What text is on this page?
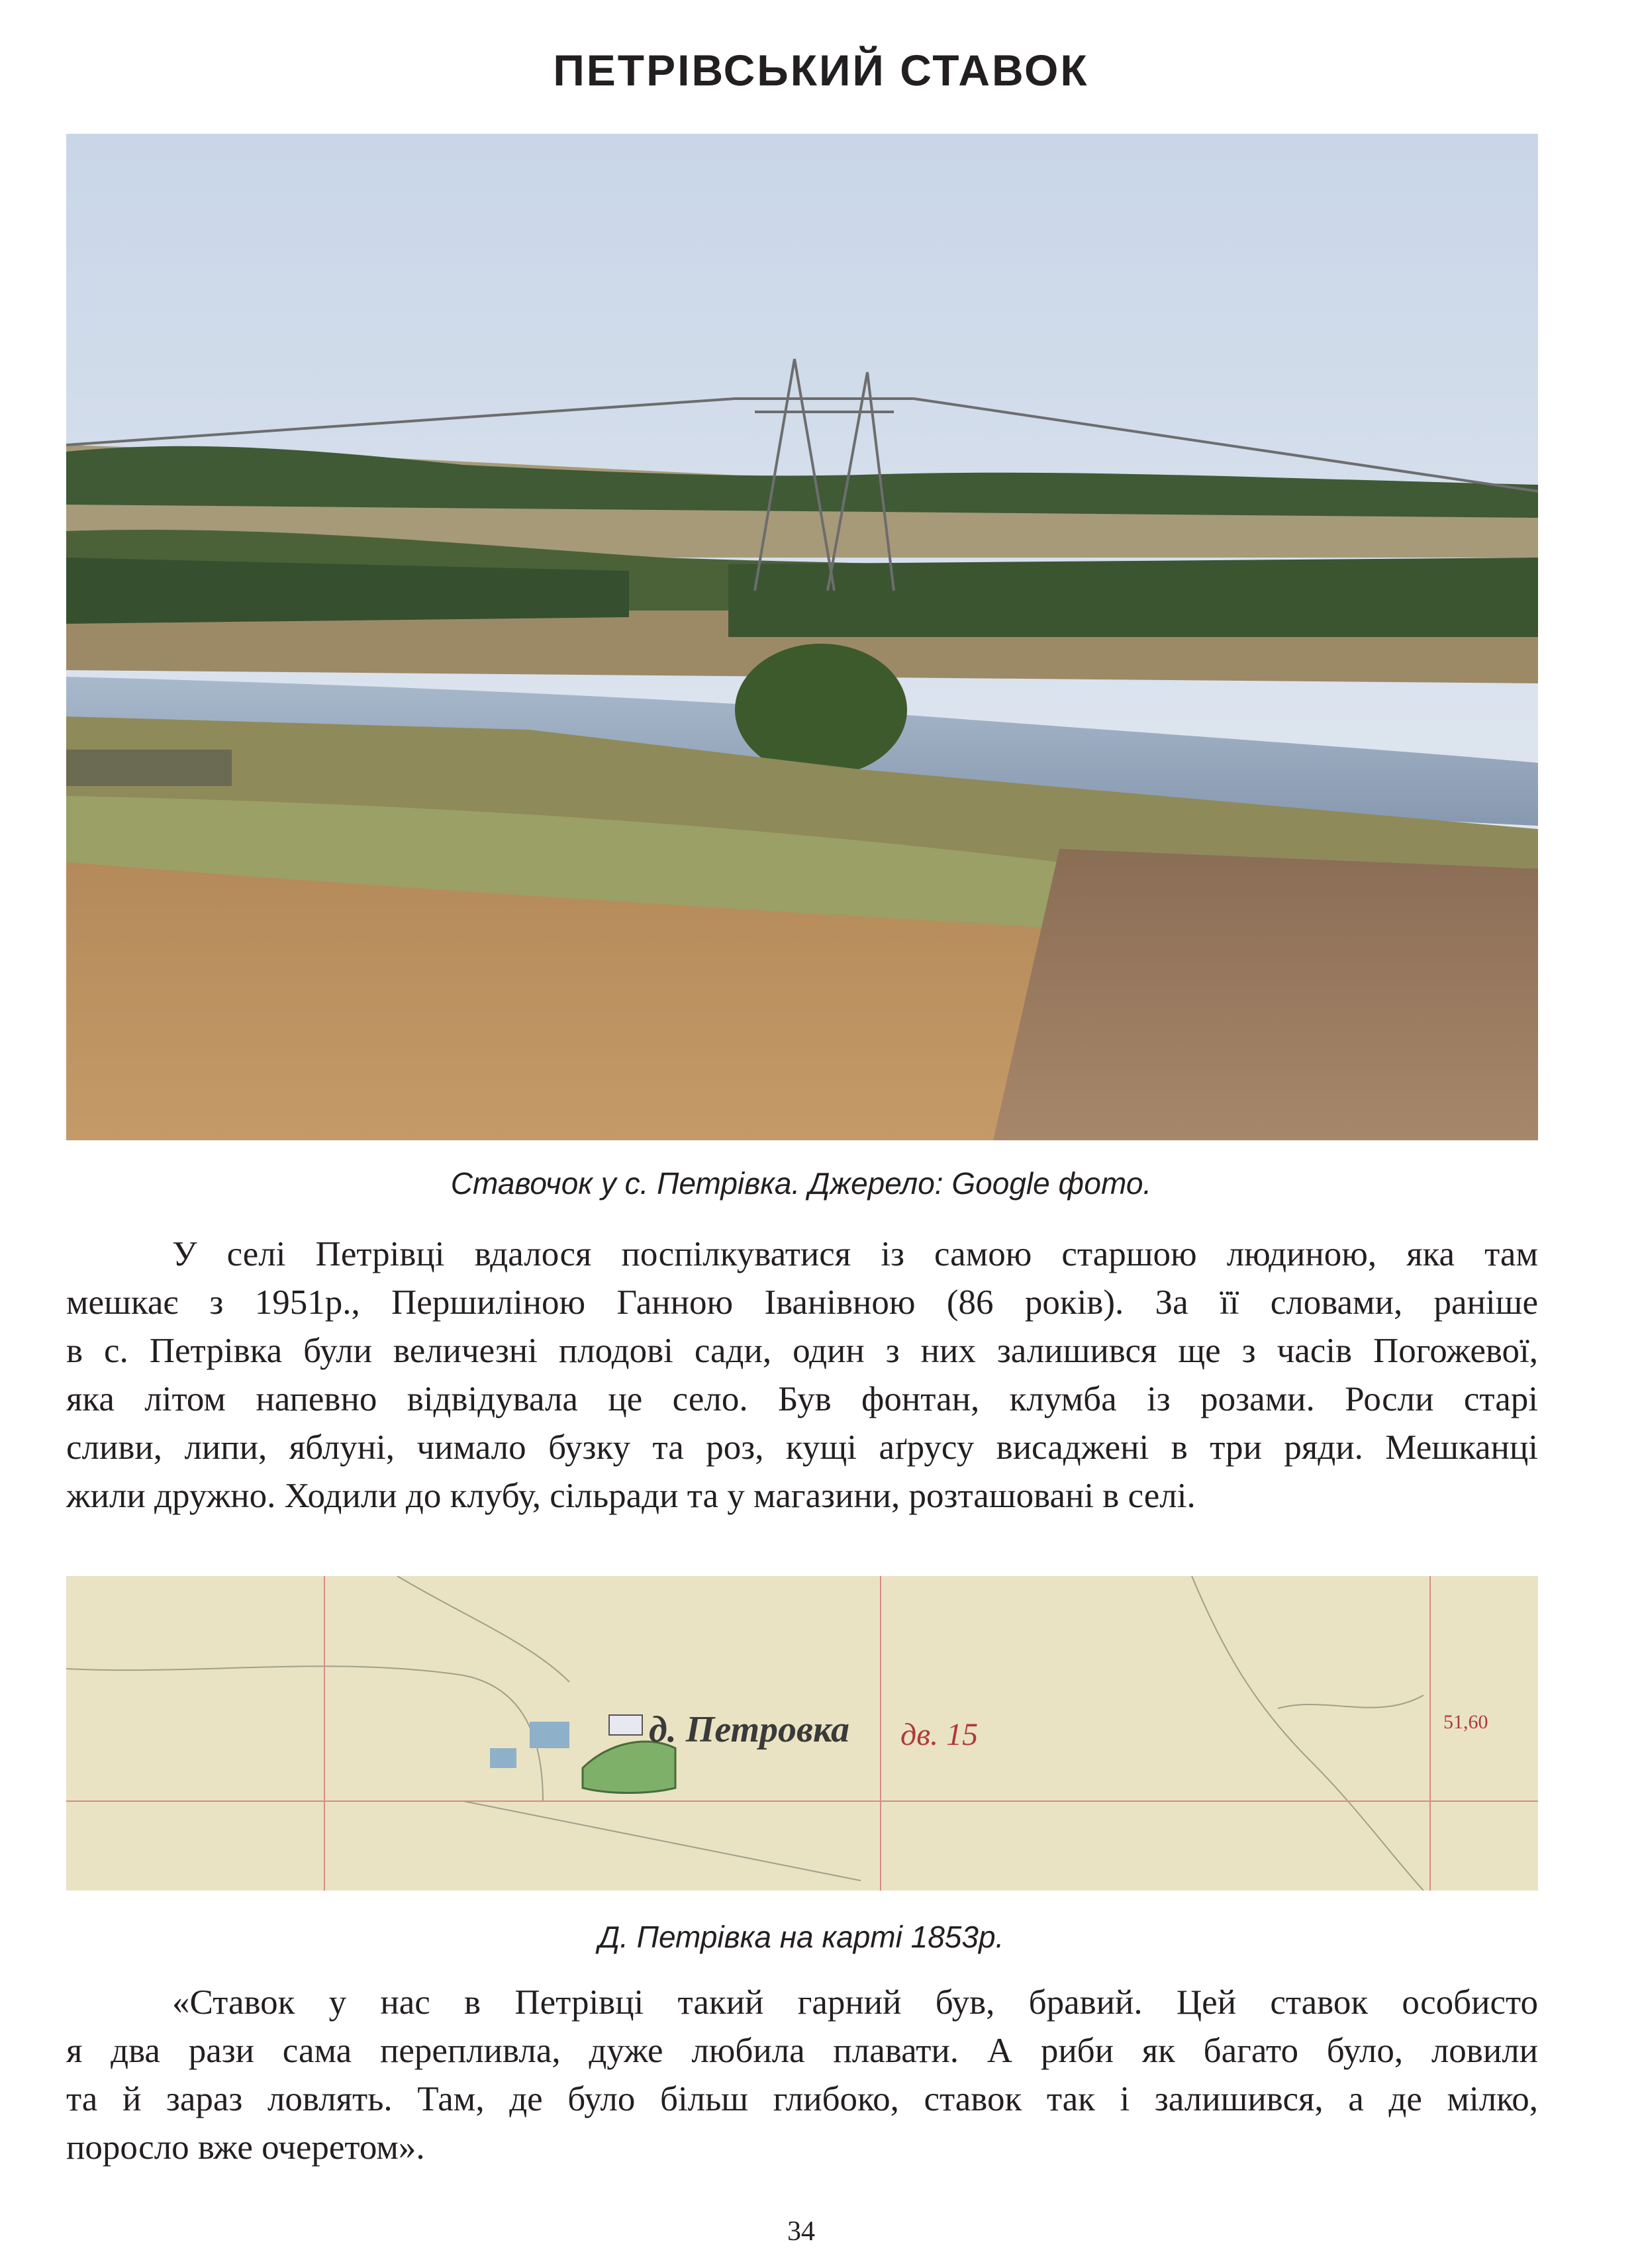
ПЕТРІВСЬКИЙ СТАВОК
Ставочок у с. Петрівка. Джерело: Google фото.
У селі Петрівці вдалося поспілкуватися із самою старшою людиною, яка там
мешкає з 1951р., Першиліною Ганною Іванівною (86 років). За її словами, раніше
в с. Петрівка були величезні плодові сади, один з них залишився ще з часів Погожевої,
яка літом напевно відвідувала це село. Був фонтан, клумба із розами. Росли старі
сливи, липи, яблуні, чимало бузку та роз, кущі аґрусу висаджені в три ряди. Мешканці
жили дружно. Ходили до клубу, сільради та у магазини, розташовані в селі.
д. Петровка дв. 15	51,60
Д. Петрівка на карті 1853р.
«Ставок у нас в Петрівці такий гарний був, бравий. Цей ставок особисто
я два рази сама перепливла, дуже любила плавати. А риби як багато було, ловили
та й зараз ловлять. Там, де було більш глибоко, ставок так і залишився, а де мілко,
поросло вже очеретом».
34
